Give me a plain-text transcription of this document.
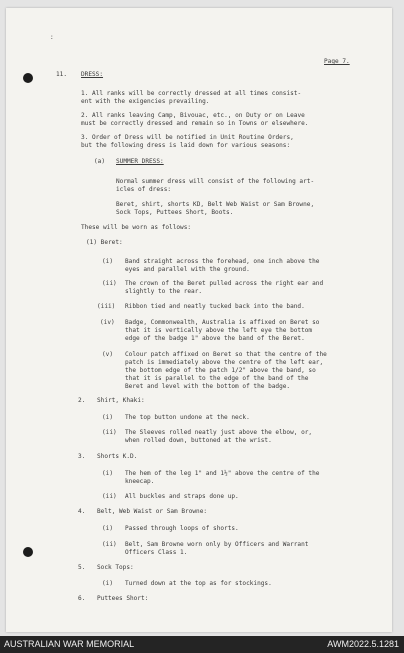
:
Page 7.
11. DRESS:
1. All ranks will be correctly dressed at all times consist-
ent with the exigencies prevailing.
2. All ranks leaving Camp, Bivouac, etc., on Duty or on Leave
must be correctly dressed and remain so in Towns or elsewhere.
3. Order of Dress will be notified in Unit Routine Orders,
but the following dress is laid down for various seasons:
(a) SUMMER DRESS:
Normal summer dress will consist of the following art-
icles of dress:
Beret, shirt, shorts KD, Belt Web Waist or Sam Browne,
Sock Tops, Puttees Short, Boots.
These will be worn as follows:
(1) Beret:
(i) Band straight across the forehead, one inch above the
eyes and parallel with the ground.
(ii) The crown of the Beret pulled across the right ear and
slightly to the rear.
(iii) Ribbon tied and neatly tucked back into the band.
(iv) Badge, Commonwealth, Australia is affixed on Beret so
that it is vertically above the left eye the bottom
edge of the badge 1" above the band of the Beret.
(v) Colour patch affixed on Beret so that the centre of the
patch is immediately above the centre of the left ear,
the bottom edge of the patch 1/2" above the band, so
that it is parallel to the edge of the band of the
Beret and level with the bottom of the badge.
2. Shirt, Khaki:
(i) The top button undone at the neck.
(ii) The Sleeves rolled neatly just above the elbow, or,
when rolled down, buttoned at the wrist.
3. Shorts K.D.
(i) The hem of the leg 1" and 1½" above the centre of the
kneecap.
(ii) All buckles and straps done up.
4. Belt, Web Waist or Sam Browne:
(i) Passed through loops of shorts.
(ii) Belt, Sam Browne worn only by Officers and Warrant
Officers Class 1.
5. Sock Tops:
(i) Turned down at the top as for stockings.
6. Puttees Short:
AUSTRALIAN WAR MEMORIAL	AWM2022.5.1281
